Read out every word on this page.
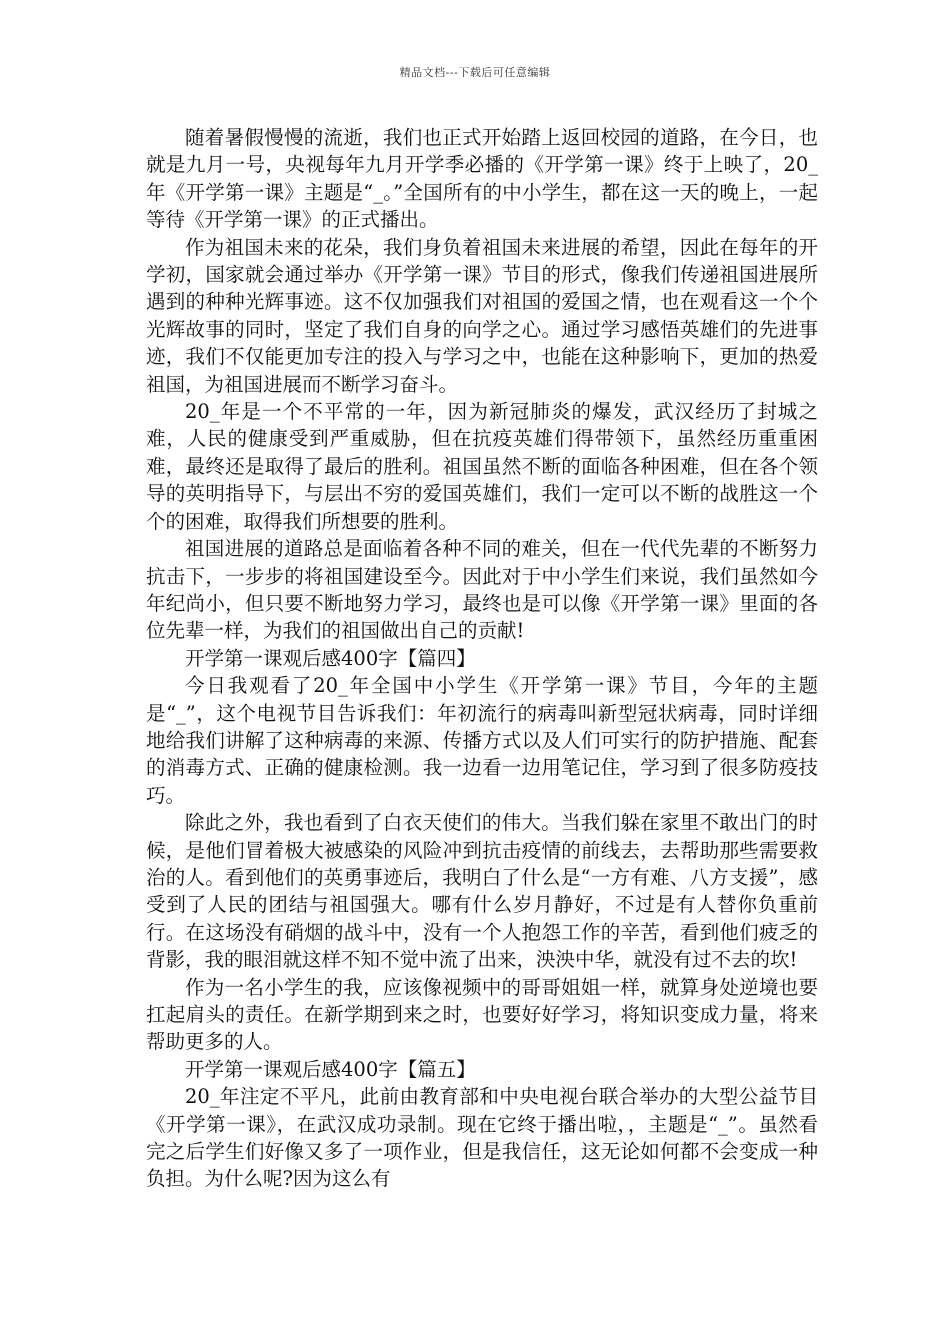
精品文档---下载后可任意编辑

随着暑假慢慢的流逝，我们也正式开始踏上返回校园的道路，在今日，也就是九月一号，央视每年九月开学季必播的《开学第一课》终于上映了，20_年《开学第一课》主题是“_。”全国所有的中小学生，都在这一天的晚上，一起等待《开学第一课》的正式播出。

作为祖国未来的花朵，我们身负着祖国未来进展的希望，因此在每年的开学初，国家就会通过举办《开学第一课》节目的形式，像我们传递祖国进展所遇到的种种光辉事迹。这不仅加强我们对祖国的爱国之情，也在观看这一个个光辉故事的同时，坚定了我们自身的向学之心。通过学习感悟英雄们的先进事迹，我们不仅能更加专注的投入与学习之中，也能在这种影响下，更加的热爱祖国，为祖国进展而不断学习奋斗。

20_年是一个不平常的一年，因为新冠肺炎的爆发，武汉经历了封城之难，人民的健康受到严重威胁，但在抗疫英雄们得带领下，虽然经历重重困难，最终还是取得了最后的胜利。祖国虽然不断的面临各种困难，但在各个领导的英明指导下，与层出不穷的爱国英雄们，我们一定可以不断的战胜这一个个的困难，取得我们所想要的胜利。

祖国进展的道路总是面临着各种不同的难关，但在一代代先辈的不断努力抗击下，一步步的将祖国建设至今。因此对于中小学生们来说，我们虽然如今年纪尚小，但只要不断地努力学习，最终也是可以像《开学第一课》里面的各位先辈一样，为我们的祖国做出自己的贡献!

开学第一课观后感400字【篇四】

今日我观看了20_年全国中小学生《开学第一课》节目，今年的主题是“_”，这个电视节目告诉我们：年初流行的病毒叫新型冠状病毒，同时详细地给我们讲解了这种病毒的来源、传播方式以及人们可实行的防护措施、配套的消毒方式、正确的健康检测。我一边看一边用笔记住，学习到了很多防疫技巧。

除此之外，我也看到了白衣天使们的伟大。当我们躲在家里不敢出门的时候，是他们冒着极大被感染的风险冲到抗击疫情的前线去，去帮助那些需要救治的人。看到他们的英勇事迹后，我明白了什么是“一方有难、八方支援”，感受到了人民的团结与祖国强大。哪有什么岁月静好，不过是有人替你负重前行。在这场没有硝烟的战斗中，没有一个人抱怨工作的辛苦，看到他们疲乏的背影，我的眼泪就这样不知不觉中流了出来，泱泱中华，就没有过不去的坎!

作为一名小学生的我，应该像视频中的哥哥姐姐一样，就算身处逆境也要扛起肩头的责任。在新学期到来之时，也要好好学习，将知识变成力量，将来帮助更多的人。

开学第一课观后感400字【篇五】

20_年注定不平凡，此前由教育部和中央电视台联合举办的大型公益节目《开学第一课》，在武汉成功录制。现在它终于播出啦，，主题是“_”。虽然看完之后学生们好像又多了一项作业，但是我信任，这无论如何都不会变成一种负担。为什么呢?因为这么有
